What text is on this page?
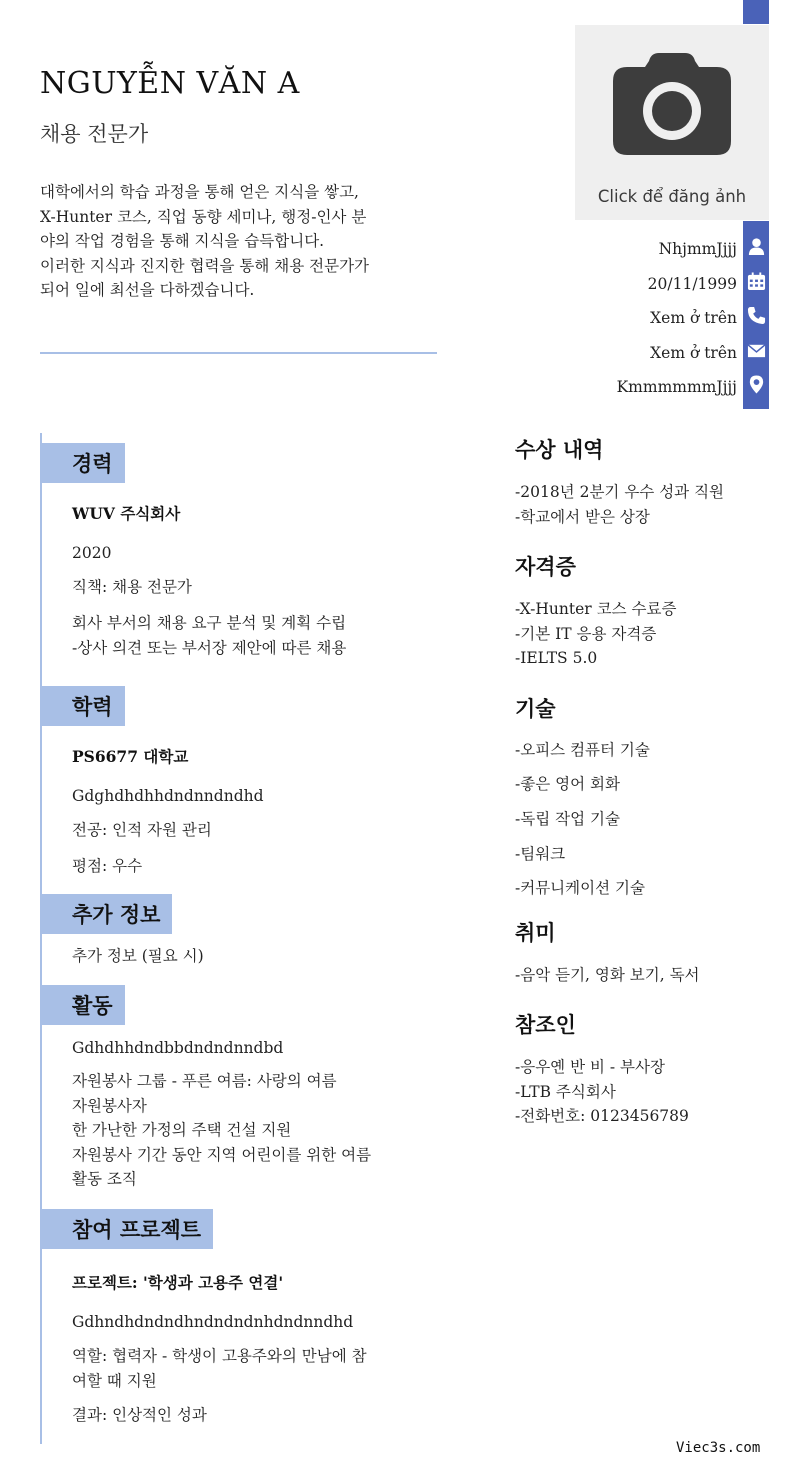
NGUYỄN VĂN A
채용 전문가
대학에서의 학습 과정을 통해 얻은 지식을 쌓고,
X-Hunter 코스, 직업 동향 세미나, 행정-인사 분
야의 작업 경험을 통해 지식을 습득합니다.
이러한 지식과 진지한 협력을 통해 채용 전문가가
되어 일에 최선을 다하겠습니다.
Click để đăng ảnh
NhjmmJjjj
20/11/1999
Xem ở trên
Xem ở trên
KmmmmmmJjjj
경력
WUV 주식회사
2020
직책: 채용 전문가
회사 부서의 채용 요구 분석 및 계획 수립
-상사 의견 또는 부서장 제안에 따른 채용
학력
PS6677 대학교
Gdghdhdhhdndnndndhd
전공: 인적 자원 관리
평점: 우수
추가 정보
추가 정보 (필요 시)
활동
Gdhdhhdndbbdndndnndbd
자원봉사 그룹 - 푸른 여름: 사랑의 여름
자원봉사자
한 가난한 가정의 주택 건설 지원
자원봉사 기간 동안 지역 어린이를 위한 여름
활동 조직
참여 프로젝트
프로젝트: '학생과 고용주 연결'
Gdhndhdndndhndndndnhdndnndhd
역할: 협력자 - 학생이 고용주와의 만남에 참
여할 때 지원
결과: 인상적인 성과
수상 내역
-2018년 2분기 우수 성과 직원
-학교에서 받은 상장
자격증
-X-Hunter 코스 수료증
-기본 IT 응용 자격증
-IELTS 5.0
기술
-오피스 컴퓨터 기술
-좋은 영어 회화
-독립 작업 기술
-팀워크
-커뮤니케이션 기술
취미
-음악 듣기, 영화 보기, 독서
참조인
-응우옌 반 비 - 부사장
-LTB 주식회사
-전화번호: 0123456789
Viec3s.com
